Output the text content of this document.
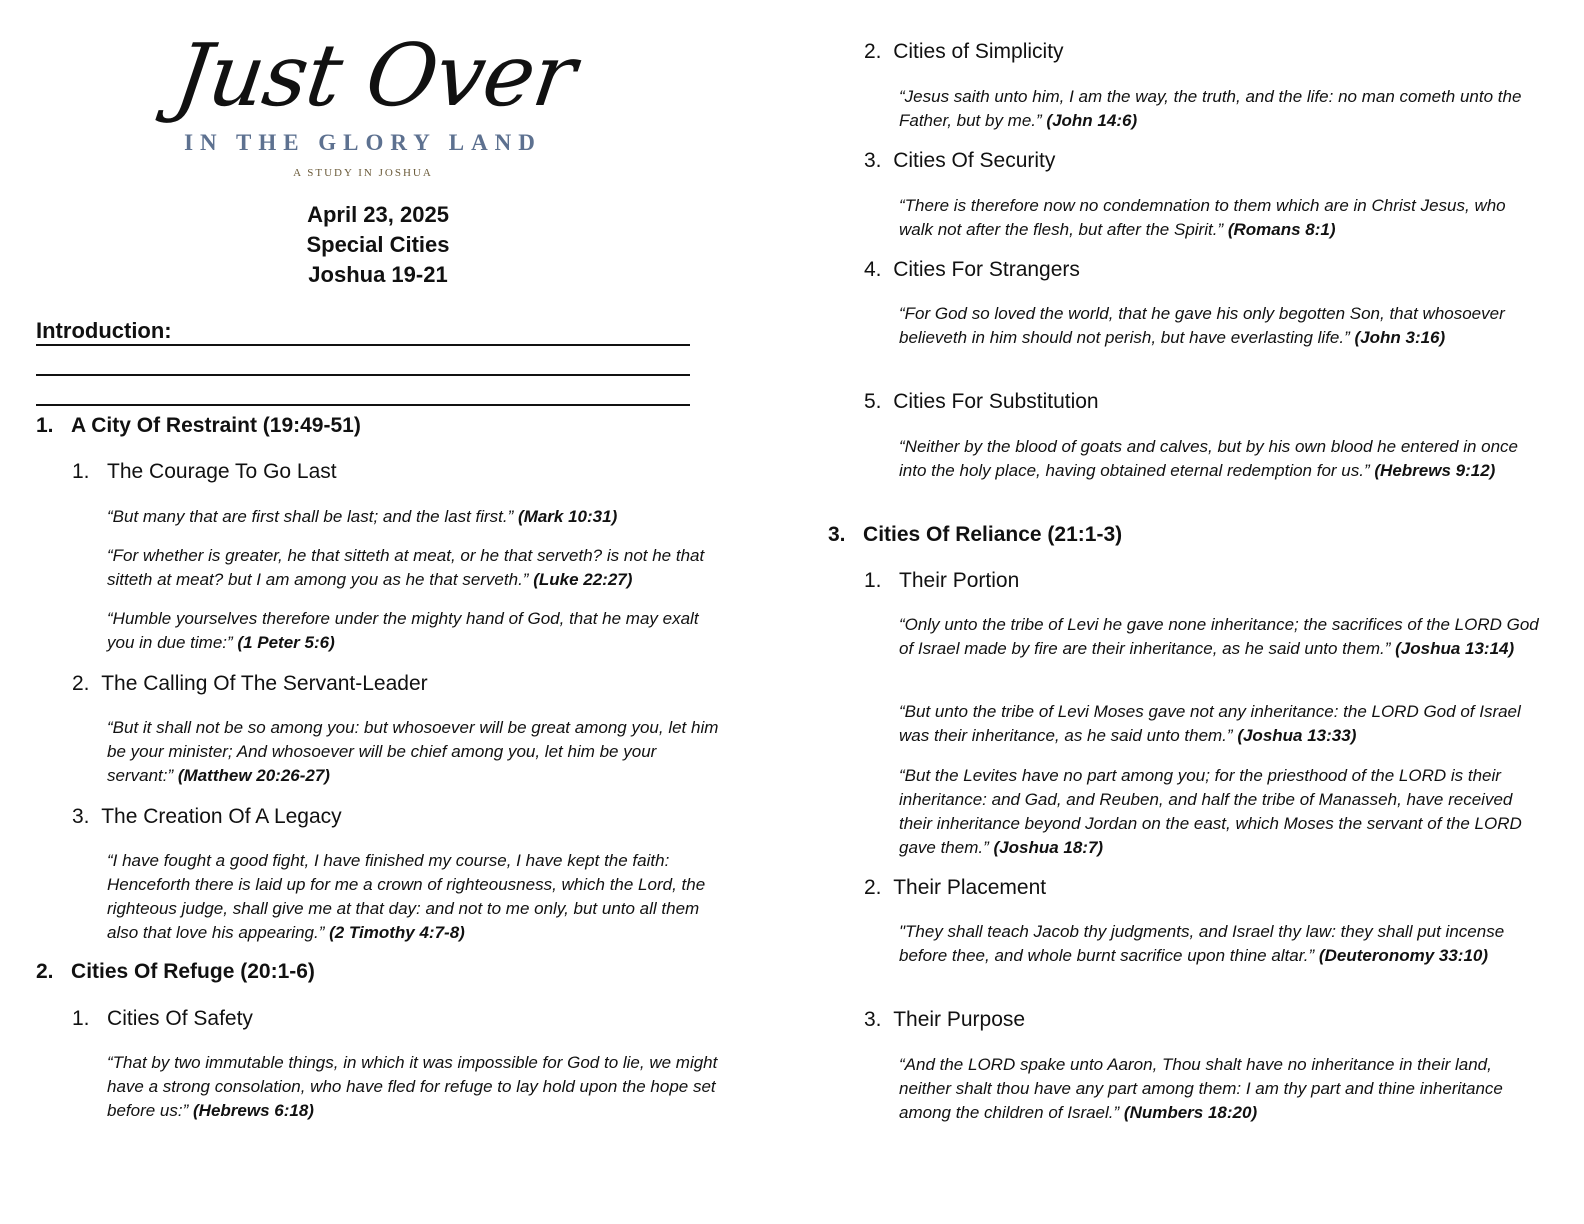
Just Over
IN THE GLORY LAND
A STUDY IN JOSHUA
April 23, 2025
Special Cities
Joshua 19-21
Introduction:
1. A City Of Restraint (19:49-51)
1. The Courage To Go Last
“But many that are first shall be last; and the last first.” (Mark 10:31)
“For whether is greater, he that sitteth at meat, or he that serveth? is not he that sitteth at meat? but I am among you as he that serveth.” (Luke 22:27)
“Humble yourselves therefore under the mighty hand of God, that he may exalt you in due time:” (1 Peter 5:6)
2. The Calling Of The Servant-Leader
“But it shall not be so among you: but whosoever will be great among you, let him be your minister; And whosoever will be chief among you, let him be your servant:” (Matthew 20:26-27)
3. The Creation Of A Legacy
“I have fought a good fight, I have finished my course, I have kept the faith: Henceforth there is laid up for me a crown of righteousness, which the Lord, the righteous judge, shall give me at that day: and not to me only, but unto all them also that love his appearing.” (2 Timothy 4:7-8)
2. Cities Of Refuge (20:1-6)
1. Cities Of Safety
“That by two immutable things, in which it was impossible for God to lie, we might have a strong consolation, who have fled for refuge to lay hold upon the hope set before us:” (Hebrews 6:18)
2. Cities of Simplicity
“Jesus saith unto him, I am the way, the truth, and the life: no man cometh unto the Father, but by me.” (John 14:6)
3. Cities Of Security
“There is therefore now no condemnation to them which are in Christ Jesus, who walk not after the flesh, but after the Spirit.” (Romans 8:1)
4. Cities For Strangers
“For God so loved the world, that he gave his only begotten Son, that whosoever believeth in him should not perish, but have everlasting life.” (John 3:16)
5. Cities For Substitution
“Neither by the blood of goats and calves, but by his own blood he entered in once into the holy place, having obtained eternal redemption for us.” (Hebrews 9:12)
3. Cities Of Reliance (21:1-3)
1. Their Portion
“Only unto the tribe of Levi he gave none inheritance; the sacrifices of the LORD God of Israel made by fire are their inheritance, as he said unto them.” (Joshua 13:14)
“But unto the tribe of Levi Moses gave not any inheritance: the LORD God of Israel was their inheritance, as he said unto them.” (Joshua 13:33)
“But the Levites have no part among you; for the priesthood of the LORD is their inheritance: and Gad, and Reuben, and half the tribe of Manasseh, have received their inheritance beyond Jordan on the east, which Moses the servant of the LORD gave them.” (Joshua 18:7)
2. Their Placement
"They shall teach Jacob thy judgments, and Israel thy law: they shall put incense before thee, and whole burnt sacrifice upon thine altar.” (Deuteronomy 33:10)
3. Their Purpose
“And the LORD spake unto Aaron, Thou shalt have no inheritance in their land, neither shalt thou have any part among them: I am thy part and thine inheritance among the children of Israel.” (Numbers 18:20)
